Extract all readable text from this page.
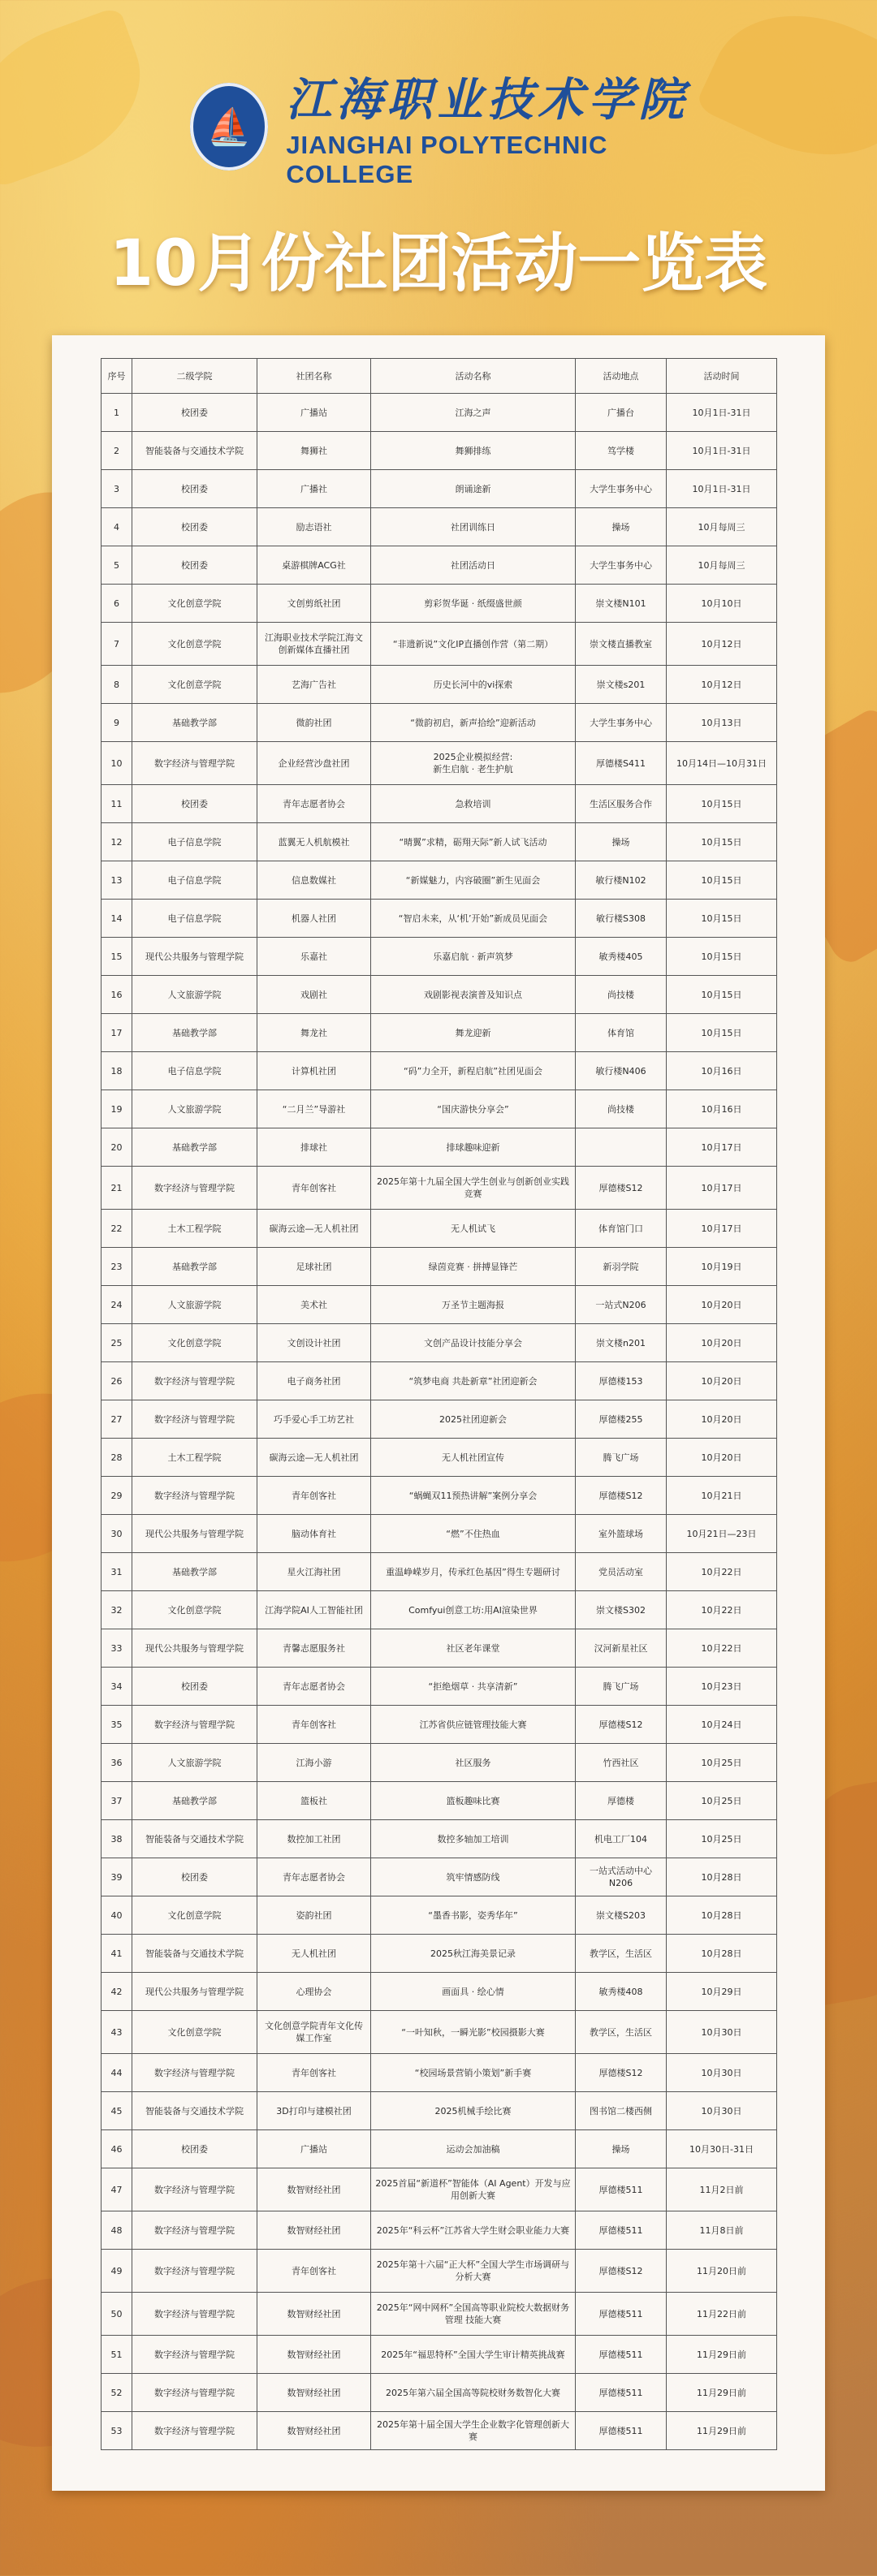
⛵
江海职业技术学院
JIANGHAI POLYTECHNIC COLLEGE
10月份社团活动一览表
序号	二级学院	社团名称	活动名称	活动地点	活动时间
1	校团委	广播站	江海之声	广播台	10月1日-31日
2	智能装备与交通技术学院	舞狮社	舞狮排练	笃学楼	10月1日-31日
3	校团委	广播社	朗诵途新	大学生事务中心	10月1日-31日
4	校团委	励志语社	社团训练日	操场	10月每周三
5	校团委	桌游棋牌ACG社	社团活动日	大学生事务中心	10月每周三
6	文化创意学院	文创剪纸社团	剪彩贺华诞 · 纸缀盛世颜	崇文楼N101	10月10日
7	文化创意学院	江海职业技术学院江海文创新媒体直播社团	“非遗新说”文化IP直播创作营（第二期）	崇文楼直播教室	10月12日
8	文化创意学院	艺海广告社	历史长河中的vi探索	崇文楼s201	10月12日
9	基础教学部	微韵社团	“微韵初启，新声拾绘”迎新活动	大学生事务中心	10月13日
10	数字经济与管理学院	企业经营沙盘社团	2025企业模拟经营:
新生启航 · 老生护航	厚德楼S411	10月14日—10月31日
11	校团委	青年志愿者协会	急救培训	生活区服务合作	10月15日
12	电子信息学院	蓝翼无人机航模社	“晴翼”求精，砺翔天际”新人试飞活动	操场	10月15日
13	电子信息学院	信息数媒社	“新媒魅力，内容破圈”新生见面会	敏行楼N102	10月15日
14	电子信息学院	机器人社团	“智启未来，从‘机’开始”新成员见面会	敏行楼S308	10月15日
15	现代公共服务与管理学院	乐嘉社	乐嘉启航 · 新声筑梦	敏秀楼405	10月15日
16	人文旅游学院	戏剧社	戏剧影视表演普及知识点	尚技楼	10月15日
17	基础教学部	舞龙社	舞龙迎新	体育馆	10月15日
18	电子信息学院	计算机社团	“码”力全开，新程启航”社团见面会	敏行楼N406	10月16日
19	人文旅游学院	“二月兰”导游社	“国庆游快分享会”	尚技楼	10月16日
20	基础教学部	排球社	排球趣味迎新		10月17日
21	数字经济与管理学院	青年创客社	2025年第十九届全国大学生创业与创新创业实践竞赛	厚德楼S12	10月17日
22	土木工程学院	碳海云途—无人机社团	无人机试飞	体育馆门口	10月17日
23	基础教学部	足球社团	绿茵竞赛 · 拼搏显锋芒	新羽学院	10月19日
24	人文旅游学院	美术社	万圣节主题海报	一站式N206	10月20日
25	文化创意学院	文创设计社团	文创产品设计技能分享会	崇文楼n201	10月20日
26	数字经济与管理学院	电子商务社团	“筑梦电商 共赴新章”社团迎新会	厚德楼153	10月20日
27	数字经济与管理学院	巧手爱心手工坊艺社	2025社团迎新会	厚德楼255	10月20日
28	土木工程学院	碳海云途—无人机社团	无人机社团宣传	腾飞广场	10月20日
29	数字经济与管理学院	青年创客社	“蜗蝇双11预热讲解”案例分享会	厚德楼S12	10月21日
30	现代公共服务与管理学院	脑动体育社	“燃”不住热血	室外篮球场	10月21日—23日
31	基础教学部	星火江海社团	重温峥嵘岁月，传承红色基因”得生专题研讨	党员活动室	10月22日
32	文化创意学院	江海学院AI人工智能社团	Comfyui创意工坊:用AI渲染世界	崇文楼S302	10月22日
33	现代公共服务与管理学院	青馨志愿服务社	社区老年课堂	汉河新星社区	10月22日
34	校团委	青年志愿者协会	“拒绝烟草 · 共享清新”	腾飞广场	10月23日
35	数字经济与管理学院	青年创客社	江苏省供应链管理技能大赛	厚德楼S12	10月24日
36	人文旅游学院	江海小游	社区服务	竹西社区	10月25日
37	基础教学部	篮板社	篮板趣味比赛	厚德楼	10月25日
38	智能装备与交通技术学院	数控加工社团	数控多轴加工培训	机电工厂104	10月25日
39	校团委	青年志愿者协会	筑牢情感防线	一站式活动中心N206	10月28日
40	文化创意学院	姿韵社团	“墨香书影，姿秀华年”	崇文楼S203	10月28日
41	智能装备与交通技术学院	无人机社团	2025秋江海美景记录	教学区，生活区	10月28日
42	现代公共服务与管理学院	心理协会	画面具 · 绘心情	敏秀楼408	10月29日
43	文化创意学院	文化创意学院青年文化传媒工作室	“一叶知秋，一瞬光影”校园摄影大赛	教学区，生活区	10月30日
44	数字经济与管理学院	青年创客社	“校园场景营销小策划”新手赛	厚德楼S12	10月30日
45	智能装备与交通技术学院	3D打印与建模社团	2025机械手绘比赛	图书馆二楼西侧	10月30日
46	校团委	广播站	运动会加油稿	操场	10月30日-31日
47	数字经济与管理学院	数智财经社团	2025首届“新道杯”智能体（AI Agent）开发与应用创新大赛	厚德楼511	11月2日前
48	数字经济与管理学院	数智财经社团	2025年“科云杯”江苏省大学生财会职业能力大赛	厚德楼511	11月8日前
49	数字经济与管理学院	青年创客社	2025年第十六届“正大杯”全国大学生市场调研与分析大赛	厚德楼S12	11月20日前
50	数字经济与管理学院	数智财经社团	2025年“网中网杯”全国高等职业院校大数据财务管理 技能大赛	厚德楼511	11月22日前
51	数字经济与管理学院	数智财经社团	2025年“福思特杯”全国大学生审计精英挑战赛	厚德楼511	11月29日前
52	数字经济与管理学院	数智财经社团	2025年第六届全国高等院校财务数智化大赛	厚德楼511	11月29日前
53	数字经济与管理学院	数智财经社团	2025年第十届全国大学生企业数字化管理创新大赛	厚德楼511	11月29日前
